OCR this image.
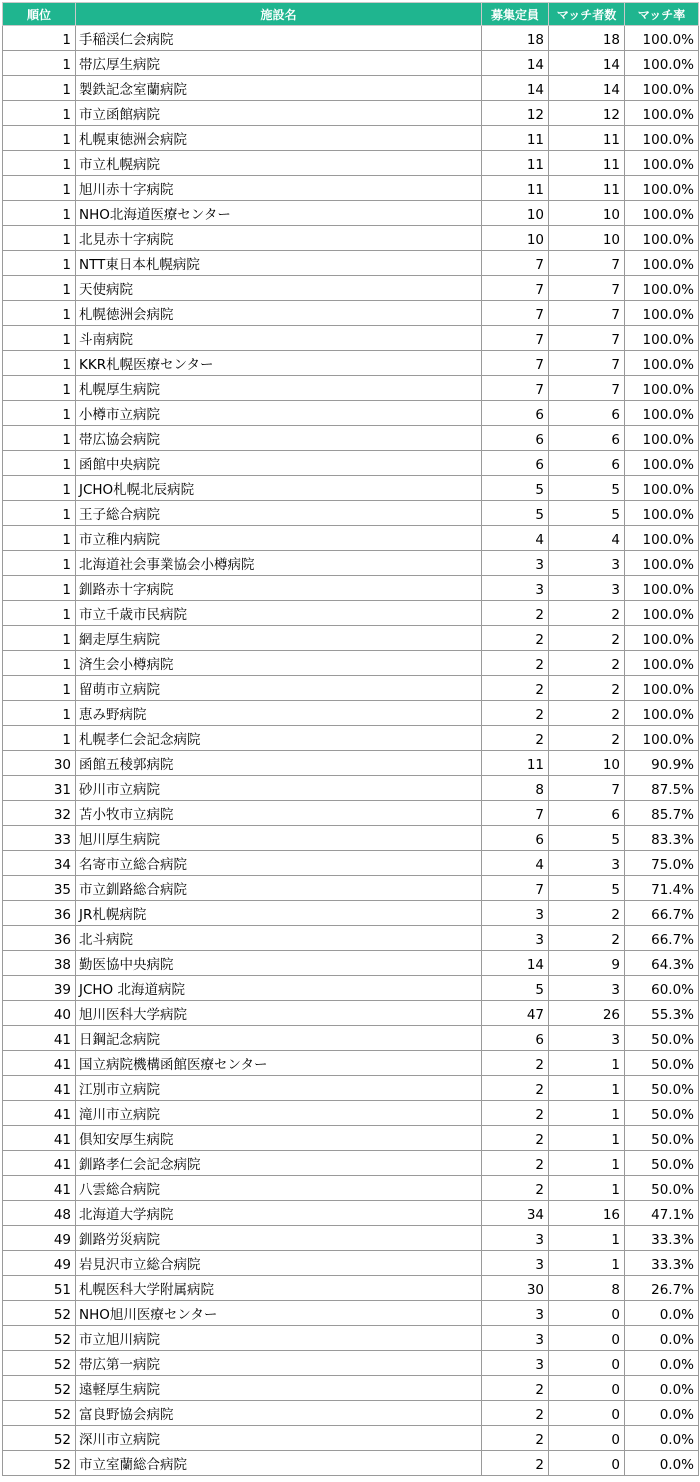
順位	施設名	募集定員	マッチ者数	マッチ率
1	手稲渓仁会病院	18	18	100.0%
1	帯広厚生病院	14	14	100.0%
1	製鉄記念室蘭病院	14	14	100.0%
1	市立函館病院	12	12	100.0%
1	札幌東徳洲会病院	11	11	100.0%
1	市立札幌病院	11	11	100.0%
1	旭川赤十字病院	11	11	100.0%
1	NHO北海道医療センター	10	10	100.0%
1	北見赤十字病院	10	10	100.0%
1	NTT東日本札幌病院	7	7	100.0%
1	天使病院	7	7	100.0%
1	札幌徳洲会病院	7	7	100.0%
1	斗南病院	7	7	100.0%
1	KKR札幌医療センター	7	7	100.0%
1	札幌厚生病院	7	7	100.0%
1	小樽市立病院	6	6	100.0%
1	帯広協会病院	6	6	100.0%
1	函館中央病院	6	6	100.0%
1	JCHO札幌北辰病院	5	5	100.0%
1	王子総合病院	5	5	100.0%
1	市立稚内病院	4	4	100.0%
1	北海道社会事業協会小樽病院	3	3	100.0%
1	釧路赤十字病院	3	3	100.0%
1	市立千歳市民病院	2	2	100.0%
1	網走厚生病院	2	2	100.0%
1	済生会小樽病院	2	2	100.0%
1	留萌市立病院	2	2	100.0%
1	恵み野病院	2	2	100.0%
1	札幌孝仁会記念病院	2	2	100.0%
30	函館五稜郭病院	11	10	90.9%
31	砂川市立病院	8	7	87.5%
32	苫小牧市立病院	7	6	85.7%
33	旭川厚生病院	6	5	83.3%
34	名寄市立総合病院	4	3	75.0%
35	市立釧路総合病院	7	5	71.4%
36	JR札幌病院	3	2	66.7%
36	北斗病院	3	2	66.7%
38	勤医協中央病院	14	9	64.3%
39	JCHO 北海道病院	5	3	60.0%
40	旭川医科大学病院	47	26	55.3%
41	日鋼記念病院	6	3	50.0%
41	国立病院機構函館医療センター	2	1	50.0%
41	江別市立病院	2	1	50.0%
41	滝川市立病院	2	1	50.0%
41	倶知安厚生病院	2	1	50.0%
41	釧路孝仁会記念病院	2	1	50.0%
41	八雲総合病院	2	1	50.0%
48	北海道大学病院	34	16	47.1%
49	釧路労災病院	3	1	33.3%
49	岩見沢市立総合病院	3	1	33.3%
51	札幌医科大学附属病院	30	8	26.7%
52	NHO旭川医療センター	3	0	0.0%
52	市立旭川病院	3	0	0.0%
52	帯広第一病院	3	0	0.0%
52	遠軽厚生病院	2	0	0.0%
52	富良野協会病院	2	0	0.0%
52	深川市立病院	2	0	0.0%
52	市立室蘭総合病院	2	0	0.0%
